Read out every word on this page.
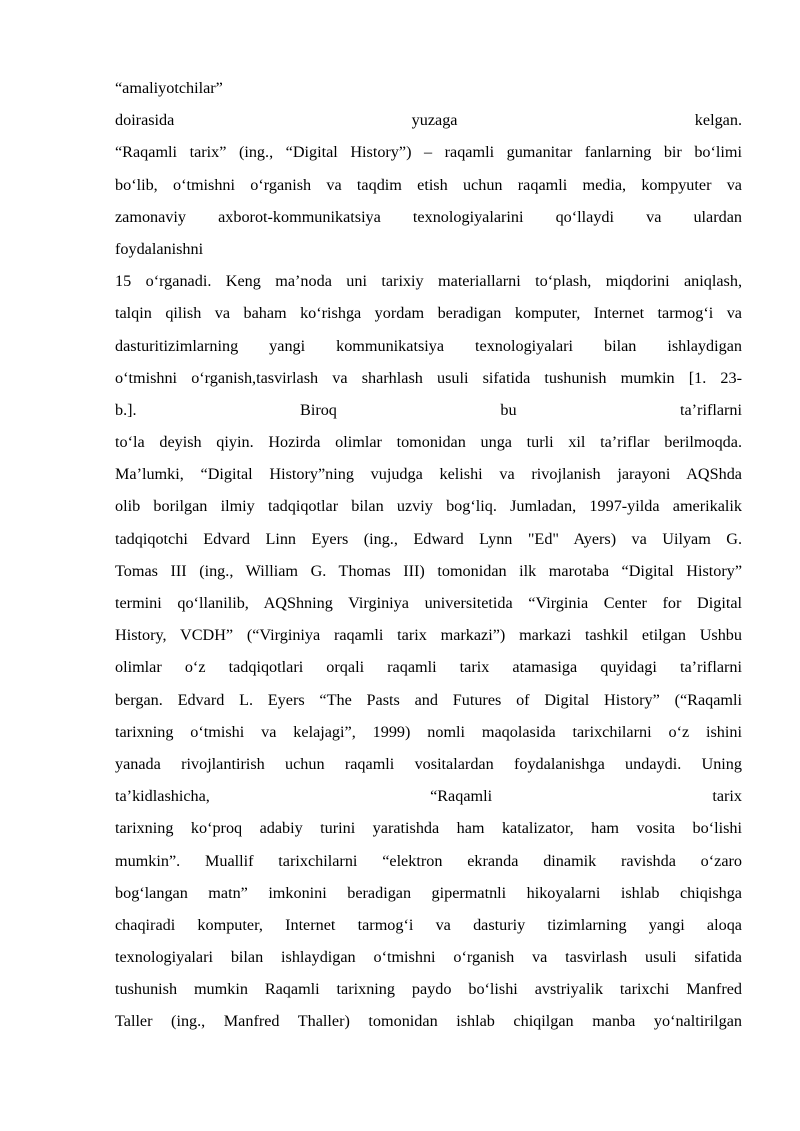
“amaliyotchilar”
doirasida yuzaga kelgan.
“Raqamli tarix” (ing., “Digital History”) – raqamli gumanitar fanlarning bir bo‘limi
bo‘lib, o‘tmishni o‘rganish va taqdim etish uchun raqamli media, kompyuter va
zamonaviy axborot-kommunikatsiya texnologiyalarini qo‘llaydi va ulardan
foydalanishni
15 o‘rganadi. Keng ma’noda uni tarixiy materiallarni to‘plash, miqdorini aniqlash,
talqin qilish va baham ko‘rishga yordam beradigan komputer, Internet tarmog‘i va
dasturitizimlarning yangi kommunikatsiya texnologiyalari bilan ishlaydigan
o‘tmishni o‘rganish,tasvirlash va sharhlash usuli sifatida tushunish mumkin [1. 23-
b.]. Biroq bu ta’riflarni
to‘la deyish qiyin. Hozirda olimlar tomonidan unga turli xil ta’riflar berilmoqda.
Ma’lumki, “Digital History”ning vujudga kelishi va rivojlanish jarayoni AQShda
olib borilgan ilmiy tadqiqotlar bilan uzviy bog‘liq. Jumladan, 1997-yilda amerikalik
tadqiqotchi Edvard Linn Eyers (ing., Edward Lynn "Ed" Ayers) va Uilyam G.
Tomas III (ing., William G. Thomas III) tomonidan ilk marotaba “Digital History”
termini qo‘llanilib, AQShning Virginiya universitetida “Virginia Center for Digital
History, VCDH” (“Virginiya raqamli tarix markazi”) markazi tashkil etilgan Ushbu
olimlar o‘z tadqiqotlari orqali raqamli tarix atamasiga quyidagi ta’riflarni
bergan. Edvard L. Eyers “The Pasts and Futures of Digital History” (“Raqamli
tarixning o‘tmishi va kelajagi”, 1999) nomli maqolasida tarixchilarni o‘z ishini
yanada rivojlantirish uchun raqamli vositalardan foydalanishga undaydi. Uning
ta’kidlashicha, “Raqamli tarix
tarixning ko‘proq adabiy turini yaratishda ham katalizator, ham vosita bo‘lishi
mumkin”. Muallif tarixchilarni “elektron ekranda dinamik ravishda o‘zaro
bog‘langan matn” imkonini beradigan gipermatnli hikoyalarni ishlab chiqishga
chaqiradi komputer, Internet tarmog‘i va dasturiy tizimlarning yangi aloqa
texnologiyalari bilan ishlaydigan o‘tmishni o‘rganish va tasvirlash usuli sifatida
tushunish mumkin Raqamli tarixning paydo bo‘lishi avstriyalik tarixchi Manfred
Taller (ing., Manfred Thaller) tomonidan ishlab chiqilgan manba yo‘naltirilgan
